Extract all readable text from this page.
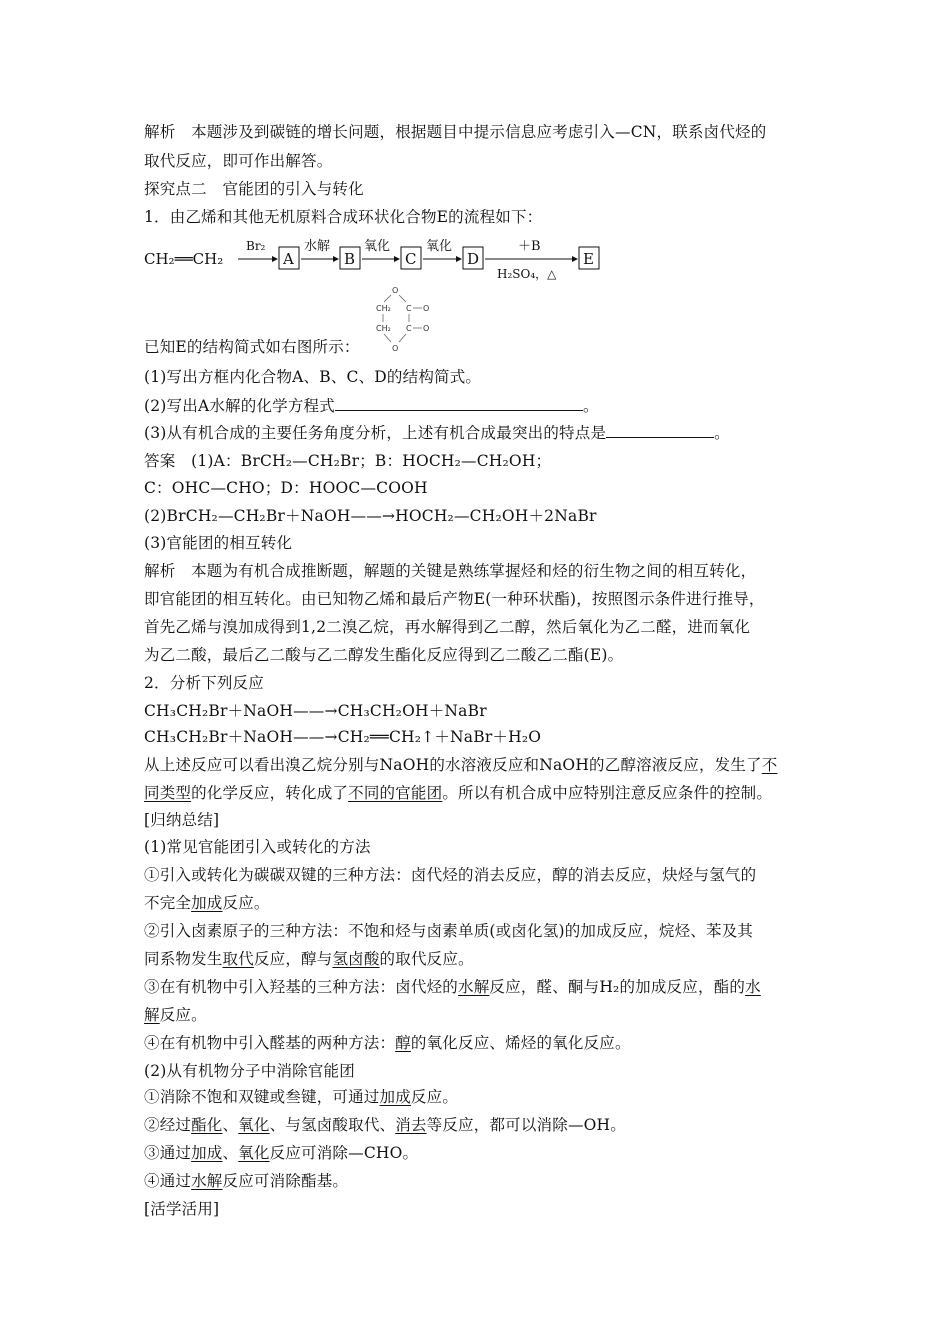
解析　本题涉及到碳链的增长问题，根据题目中提示信息应考虑引入—CN，联系卤代烃的
取代反应，即可作出解答。
探究点二　官能团的引入与转化
1．由乙烯和其他无机原料合成环状化合物E的流程如下：
CH₂══CH₂
Br₂
A
水解
B
氧化
C
氧化
D
＋B
H₂SO₄，△
E
O
CH₂ C O
CH₂ C O
O
已知E的结构简式如右图所示：
(1)写出方框内化合物A、B、C、D的结构简式。
(2)写出A水解的化学方程式	。
(3)从有机合成的主要任务角度分析，上述有机合成最突出的特点是	。
答案　(1)A：BrCH₂—CH₂Br；B：HOCH₂—CH₂OH；
C：OHC—CHO；D：HOOC—COOH
(2)BrCH₂—CH₂Br＋NaOH——→HOCH₂—CH₂OH＋2NaBr
(3)官能团的相互转化
解析　本题为有机合成推断题，解题的关键是熟练掌握烃和烃的衍生物之间的相互转化，
即官能团的相互转化。由已知物乙烯和最后产物E(一种环状酯)，按照图示条件进行推导，
首先乙烯与溴加成得到1,2二溴乙烷，再水解得到乙二醇，然后氧化为乙二醛，进而氧化
为乙二酸，最后乙二酸与乙二醇发生酯化反应得到乙二酸乙二酯(E)。
2．分析下列反应
CH₃CH₂Br＋NaOH——→CH₃CH₂OH＋NaBr
CH₃CH₂Br＋NaOH——→CH₂══CH₂↑＋NaBr＋H₂O
从上述反应可以看出溴乙烷分别与NaOH的水溶液反应和NaOH的乙醇溶液反应，发生了不
同类型的化学反应，转化成了不同的官能团。所以有机合成中应特别注意反应条件的控制。
[归纳总结]
(1)常见官能团引入或转化的方法
①引入或转化为碳碳双键的三种方法：卤代烃的消去反应，醇的消去反应，炔烃与氢气的
不完全加成反应。
②引入卤素原子的三种方法：不饱和烃与卤素单质(或卤化氢)的加成反应，烷烃、苯及其
同系物发生取代反应，醇与氢卤酸的取代反应。
③在有机物中引入羟基的三种方法：卤代烃的水解反应，醛、酮与H₂的加成反应，酯的水
解反应。
④在有机物中引入醛基的两种方法：醇的氧化反应、烯烃的氧化反应。
(2)从有机物分子中消除官能团
①消除不饱和双键或叁键，可通过加成反应。
②经过酯化、氧化、与氢卤酸取代、消去等反应，都可以消除—OH。
③通过加成、氧化反应可消除—CHO。
④通过水解反应可消除酯基。
[活学活用]
